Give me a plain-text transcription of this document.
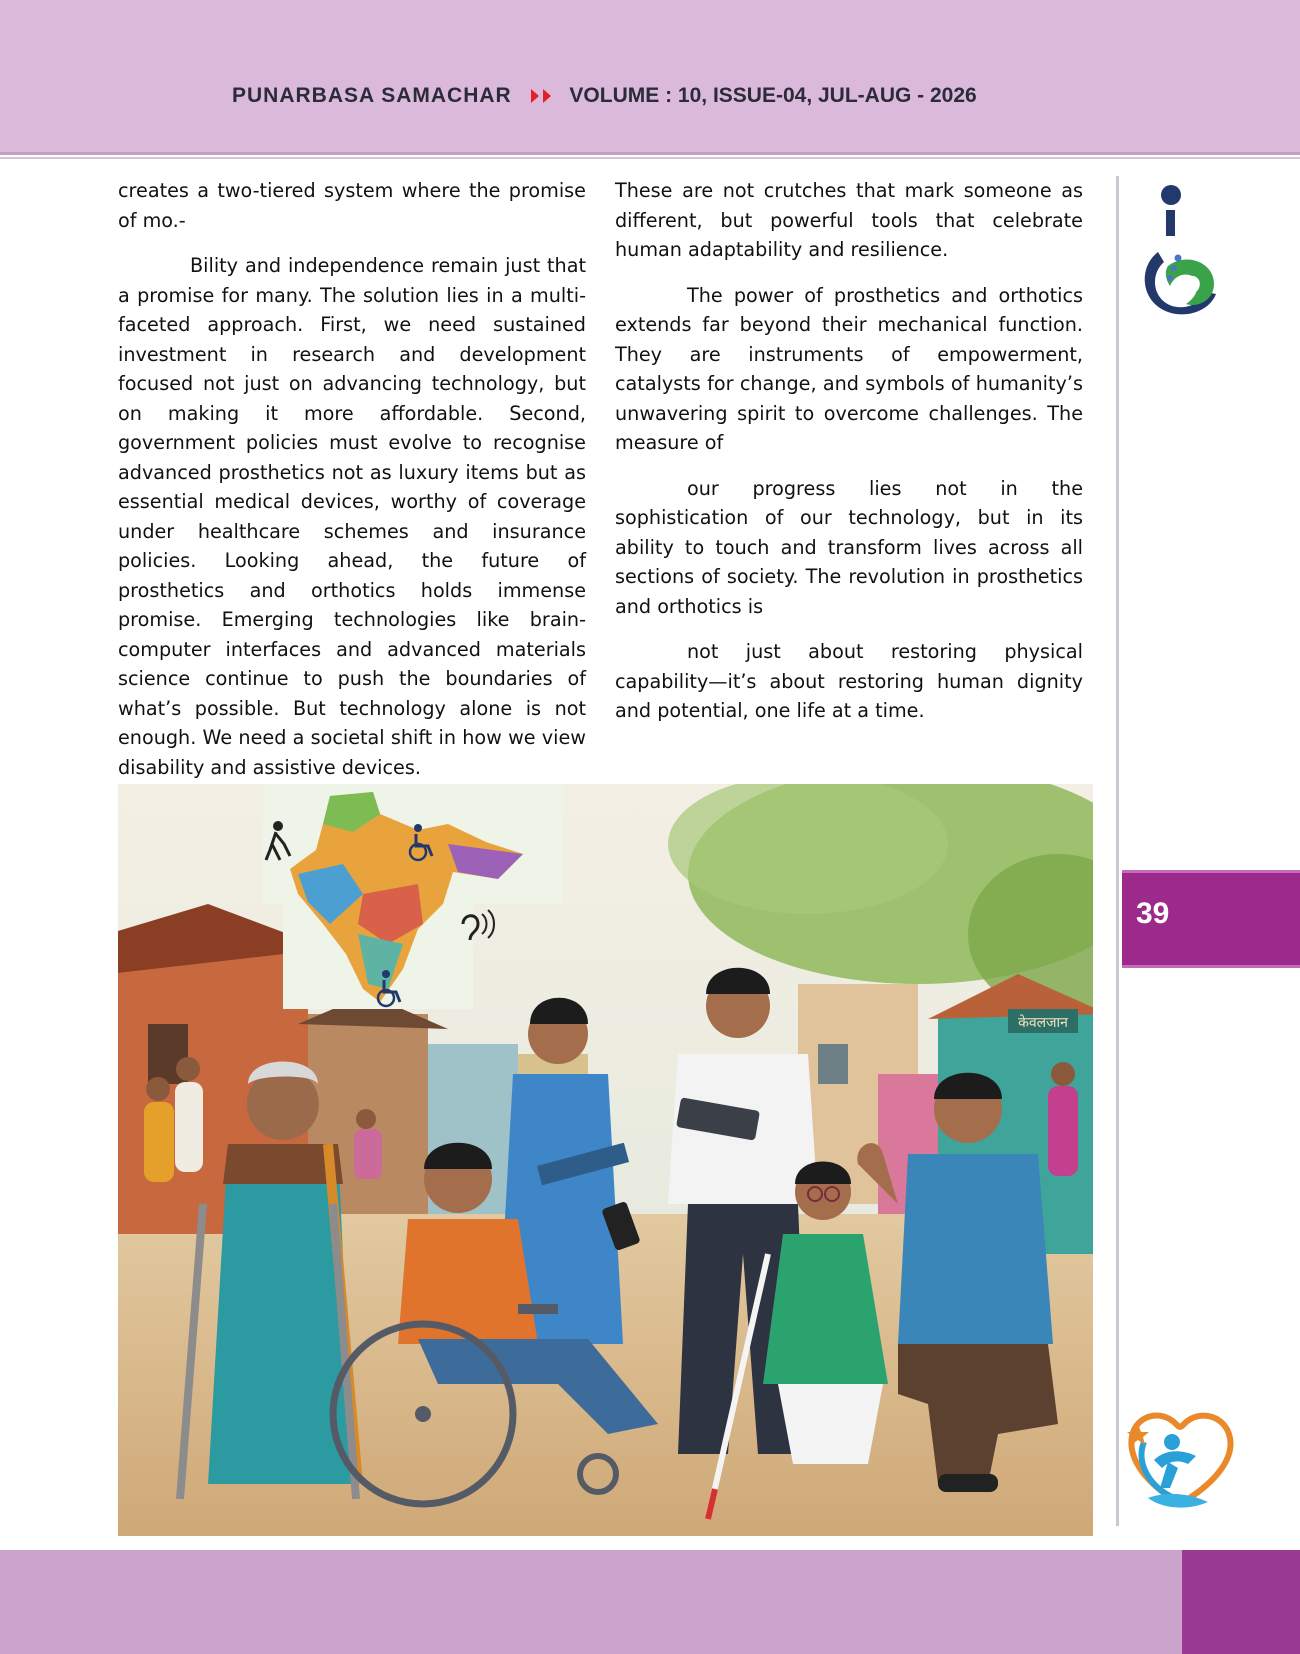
PUNARBASA SAMACHAR	VOLUME : 10, ISSUE-04, JUL-AUG - 2026

creates a two-tiered system where the promise of mo.-

Bility and independence remain just that a promise for many. The solution lies in a multi-faceted approach. First, we need sustained investment in research and development focused not just on advancing technology, but on making it more affordable. Second, government policies must evolve to recognise advanced prosthetics not as luxury items but as essential medical devices, worthy of coverage under healthcare schemes and insurance policies. Looking ahead, the future of prosthetics and orthotics holds immense promise. Emerging technologies like brain-computer interfaces and advanced materials science continue to push the boundaries of what’s possible. But technology alone is not enough. We need a societal shift in how we view disability and assistive devices.

These are not crutches that mark someone as different, but powerful tools that celebrate human adaptability and resilience.

The power of prosthetics and orthotics extends far beyond their mechanical function. They are instruments of empowerment, catalysts for change, and symbols of humanity’s unwavering spirit to overcome challenges. The measure of

our progress lies not in the sophistication of our technology, but in its ability to touch and transform lives across all sections of society. The revolution in prosthetics and orthotics is

not just about restoring physical capability—it’s about restoring human dignity and potential, one life at a time.

केवलजान
39
